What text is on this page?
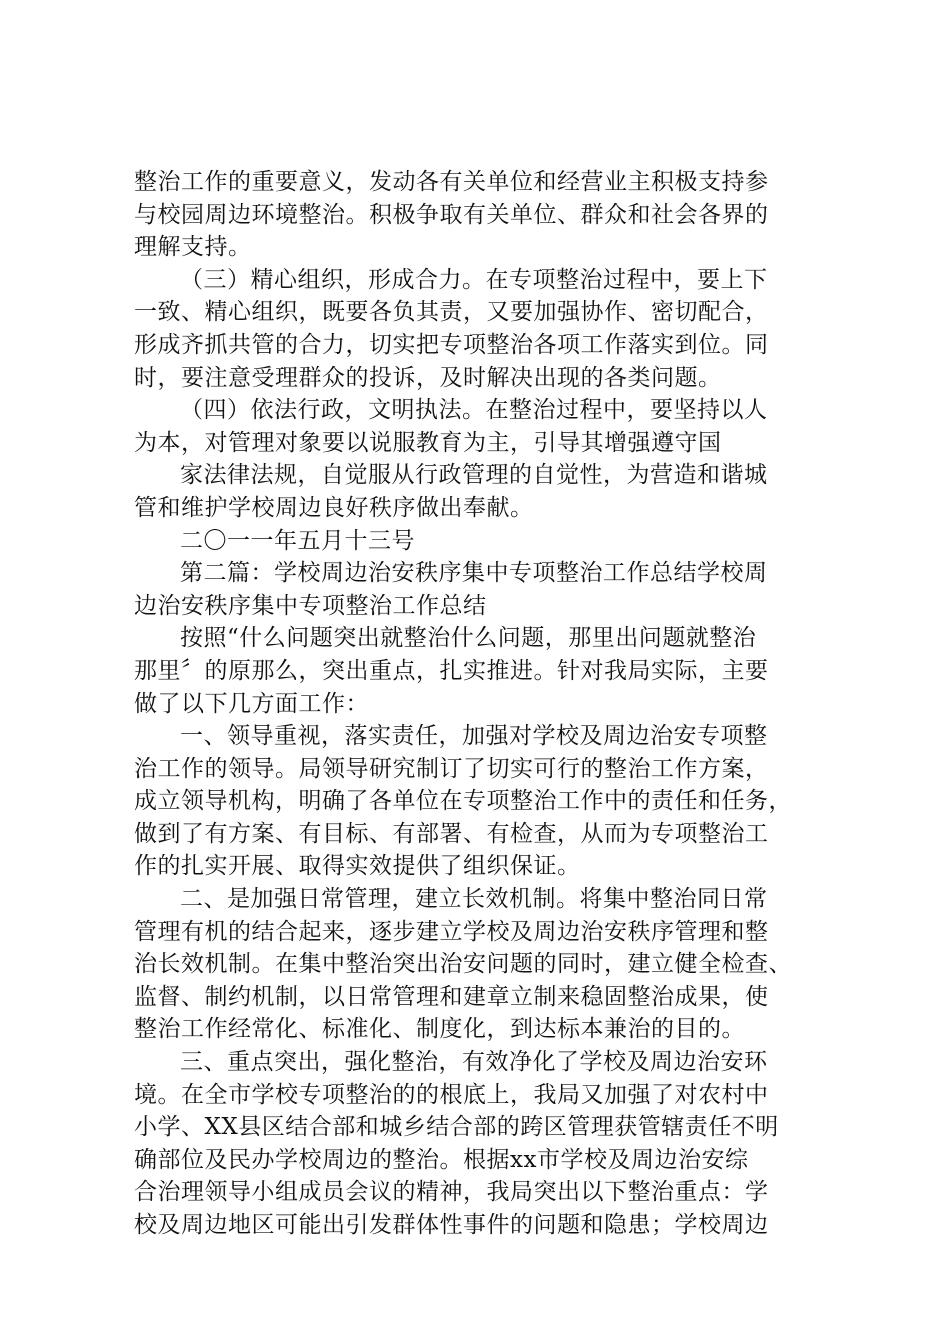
整治工作的重要意义，发动各有关单位和经营业主积极支持参
与校园周边环境整治。积极争取有关单位、群众和社会各界的
理解支持。
（三）精心组织，形成合力。在专项整治过程中，要上下
一致、精心组织，既要各负其责，又要加强协作、密切配合，
形成齐抓共管的合力，切实把专项整治各项工作落实到位。同
时，要注意受理群众的投诉，及时解决出现的各类问题。
（四）依法行政，文明执法。在整治过程中，要坚持以人
为本，对管理对象要以说服教育为主，引导其增强遵守国
家法律法规，自觉服从行政管理的自觉性，为营造和谐城
管和维护学校周边良好秩序做出奉献。
二〇一一年五月十三号
第二篇：学校周边治安秩序集中专项整治工作总结学校周
边治安秩序集中专项整治工作总结
按照“什么问题突出就整治什么问题，那里出问题就整治
那里〞的原那么，突出重点，扎实推进。针对我局实际，主要
做了以下几方面工作：
一、领导重视，落实责任，加强对学校及周边治安专项整
治工作的领导。局领导研究制订了切实可行的整治工作方案，
成立领导机构，明确了各单位在专项整治工作中的责任和任务，
做到了有方案、有目标、有部署、有检查，从而为专项整治工
作的扎实开展、取得实效提供了组织保证。
二、是加强日常管理，建立长效机制。将集中整治同日常
管理有机的结合起来，逐步建立学校及周边治安秩序管理和整
治长效机制。在集中整治突出治安问题的同时，建立健全检查、
监督、制约机制，以日常管理和建章立制来稳固整治成果，使
整治工作经常化、标准化、制度化，到达标本兼治的目的。
三、重点突出，强化整治，有效净化了学校及周边治安环
境。在全市学校专项整治的的根底上，我局又加强了对农村中
小学、XX县区结合部和城乡结合部的跨区管理获管辖责任不明
确部位及民办学校周边的整治。根据xx市学校及周边治安综
合治理领导小组成员会议的精神，我局突出以下整治重点：学
校及周边地区可能出引发群体性事件的问题和隐患；学校周边
